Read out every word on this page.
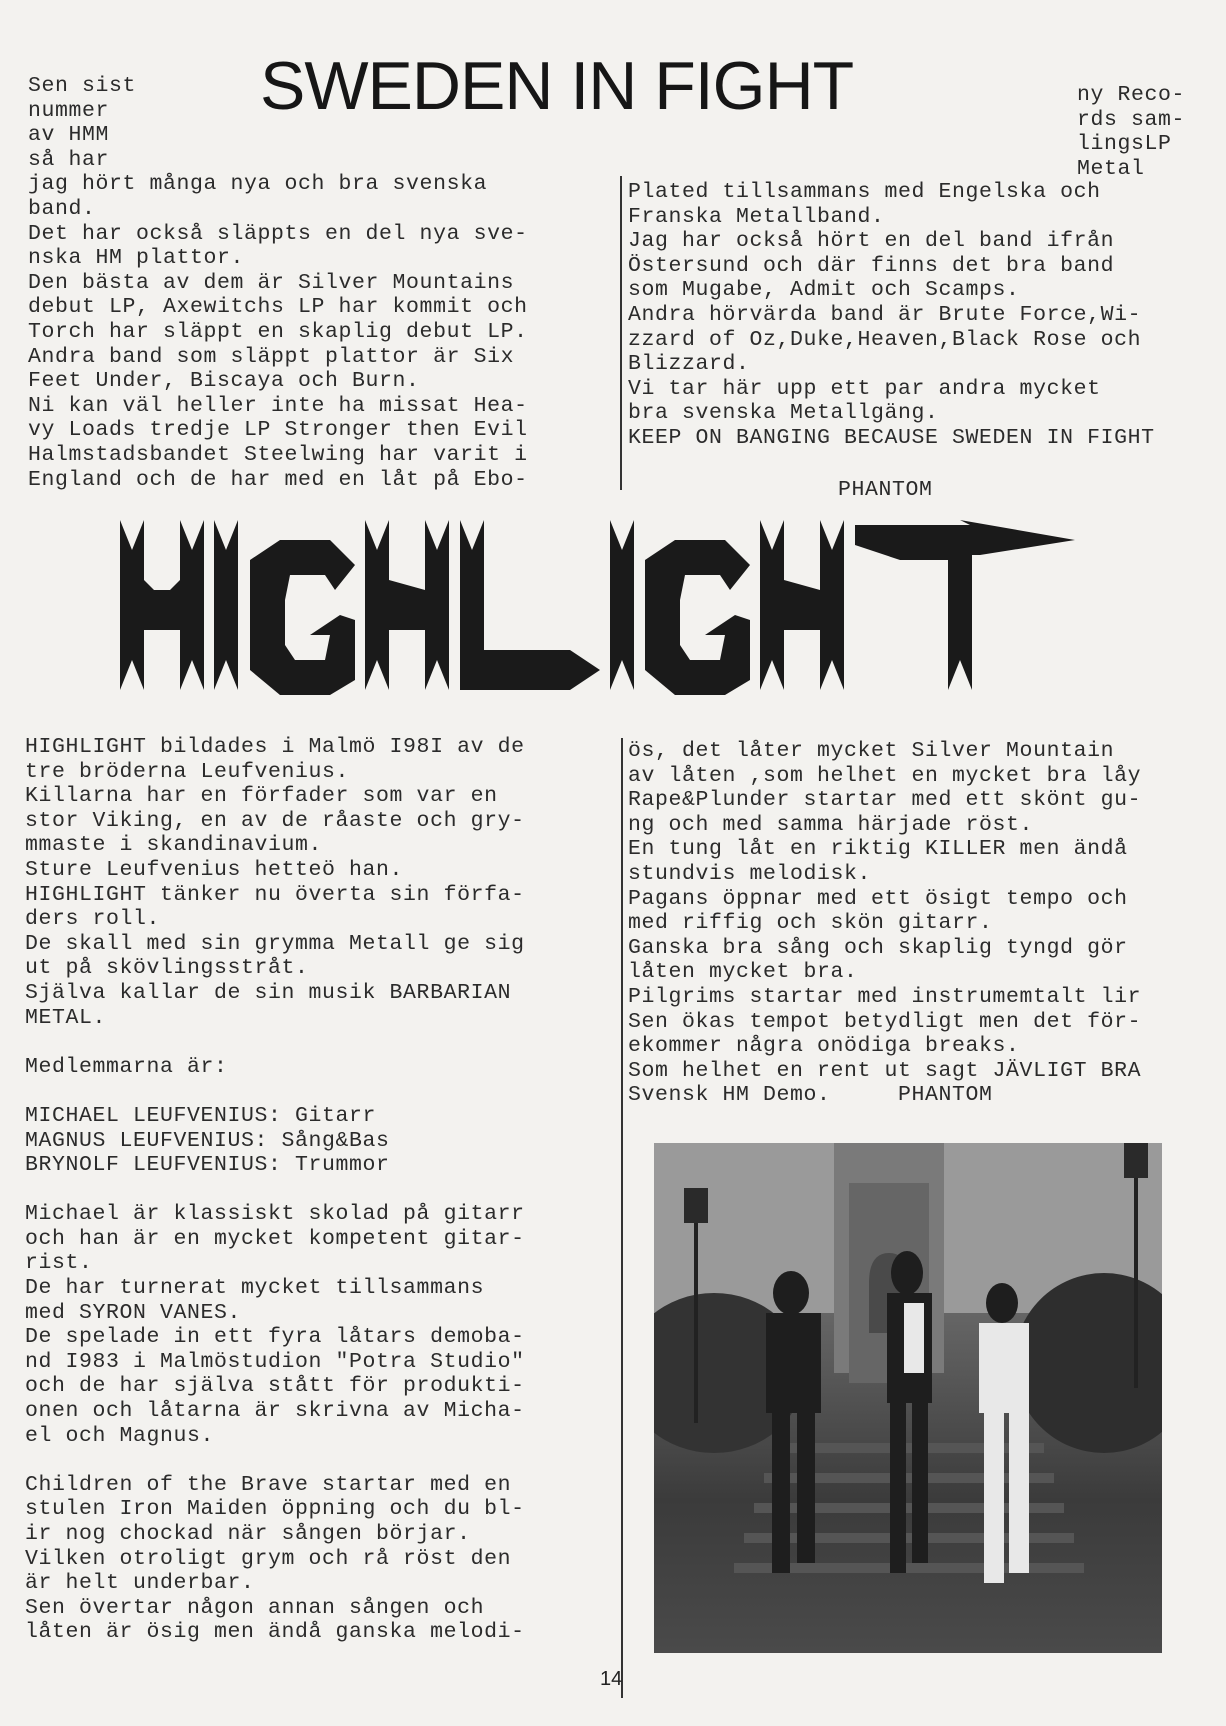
Sen sist
nummer
av HMM
så har
jag hört många nya och bra svenska
band.
Det har också släppts en del nya sve-
nska HM plattor.
Den bästa av dem är Silver Mountains
debut LP, Axewitchs LP har kommit och
Torch har släppt en skaplig debut LP.
Andra band som släppt plattor är Six
Feet Under, Biscaya och Burn.
Ni kan väl heller inte ha missat Hea-
vy Loads tredje LP Stronger then Evil
Halmstadsbandet Steelwing har varit i
England och de har med en låt på Ebo-
SWEDEN IN FIGHT	ny Reco-
rds sam-
lingsLP
Metal
Plated tillsammans med Engelska och
Franska Metallband.
Jag har också hört en del band ifrån
Östersund och där finns det bra band
som Mugabe, Admit och Scamps.
Andra hörvärda band är Brute Force,Wi-
zzard of Oz,Duke,Heaven,Black Rose och
Blizzard.
Vi tar här upp ett par andra mycket
bra svenska Metallgäng.
KEEP ON BANGING BECAUSE SWEDEN IN FIGHT
PHANTOM
HIGHLIGHT bildades i Malmö I98I av de
tre bröderna Leufvenius.
Killarna har en förfader som var en
stor Viking, en av de råaste och gry-
mmaste i skandinavium.
Sture Leufvenius hetteö han.
HIGHLIGHT tänker nu överta sin förfa-
ders roll.
De skall med sin grymma Metall ge sig
ut på skövlingsstråt.
Själva kallar de sin musik BARBARIAN
METAL.
Medlemmarna är:
MICHAEL LEUFVENIUS: Gitarr
MAGNUS LEUFVENIUS: Sång&Bas
BRYNOLF LEUFVENIUS: Trummor
Michael är klassiskt skolad på gitarr
och han är en mycket kompetent gitar-
rist.
De har turnerat mycket tillsammans
med SYRON VANES.
De spelade in ett fyra låtars demoba-
nd I983 i Malmöstudion "Potra Studio"
och de har själva stått för produkti-
onen och låtarna är skrivna av Micha-
el och Magnus.
Children of the Brave startar med en
stulen Iron Maiden öppning och du bl-
ir nog chockad när sången börjar.
Vilken otroligt grym och rå röst den
är helt underbar.
Sen övertar någon annan sången och
låten är ösig men ändå ganska melodi-
ös, det låter mycket Silver Mountain
av låten ,som helhet en mycket bra låy
Rape&Plunder startar med ett skönt gu-
ng och med samma härjade röst.
En tung låt en riktig KILLER men ändå
stundvis melodisk.
Pagans öppnar med ett ösigt tempo och
med riffig och skön gitarr.
Ganska bra sång och skaplig tyngd gör
låten mycket bra.
Pilgrims startar med instrumemtalt lir
Sen ökas tempot betydligt men det för-
ekommer några onödiga breaks.
Som helhet en rent ut sagt JÄVLIGT BRA
Svensk HM Demo.     PHANTOM
14
